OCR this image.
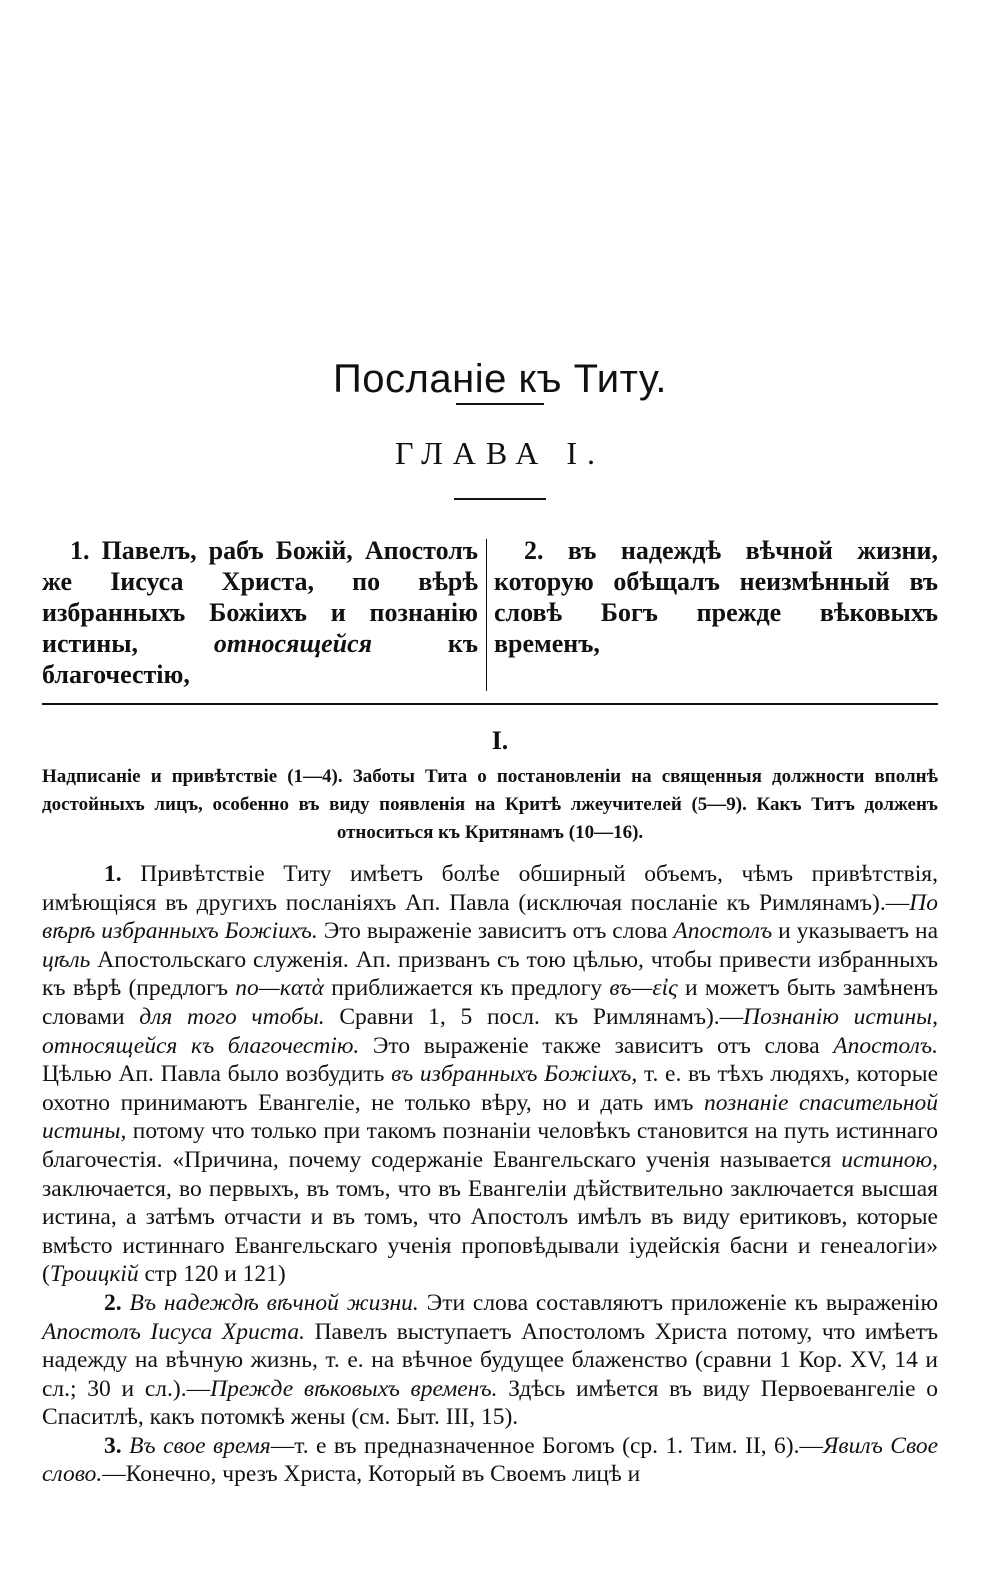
Посланіе къ Титу.
ГЛАВА I.
1. Павелъ, рабъ Божій, Апостолъ же Іисуса Христа, по вѣрѣ избранныхъ Божіихъ и познанію истины, относящейся къ благочестію,
2. въ надеждѣ вѣчной жизни, которую обѣщалъ неизмѣнный въ словѣ Богъ прежде вѣковыхъ временъ,
I.
Надписаніе и привѣтствіе (1—4). Заботы Тита о постановленіи на священныя должности вполнѣ достойныхъ лицъ, особенно въ виду появленія на Критѣ лжеучителей (5—9). Какъ Титъ долженъ относиться къ Критянамъ (10—16).

1. Привѣтствіе Титу имѣетъ болѣе обширный объемъ, чѣмъ привѣтствія, имѣющіяся въ другихъ посланіяхъ Ап. Павла (исключая посланіе къ Римлянамъ).—По вѣрѣ избранныхъ Божіихъ. Это выраженіе зависитъ отъ слова Апостолъ и указываетъ на цѣль Апостольскаго служенія. Ап. призванъ съ тою цѣлью, чтобы привести избранныхъ къ вѣрѣ (предлогъ по—κατὰ приближается къ предлогу въ—εἰς и можетъ быть замѣненъ словами для того чтобы. Сравни 1, 5 посл. къ Римлянамъ).—Познанію истины, относящейся къ благочестію. Это выраженіе также зависитъ отъ слова Апостолъ. Цѣлью Ап. Павла было возбудить въ избранныхъ Божіихъ, т. е. въ тѣхъ людяхъ, которые охотно принимаютъ Евангеліе, не только вѣру, но и дать имъ познаніе спасительной истины, потому что только при такомъ познаніи человѣкъ становится на путь истиннаго благочестія. «Причина, почему содержаніе Евангельскаго ученія называется истиною, заключается, во первыхъ, въ томъ, что въ Евангеліи дѣйствительно заключается высшая истина, а затѣмъ отчасти и въ томъ, что Апостолъ имѣлъ въ виду еритиковъ, которые вмѣсто истиннаго Евангельскаго ученія проповѣдывали іудейскія басни и генеалогіи» (Троицкій стр 120 и 121)

2. Въ надеждѣ вѣчной жизни. Эти слова составляютъ приложеніе къ выраженію Апостолъ Іисуса Христа. Павелъ выступаетъ Апостоломъ Христа потому, что имѣетъ надежду на вѣчную жизнь, т. е. на вѣчное будущее блаженство (сравни 1 Кор. XV, 14 и сл.; 30 и сл.).—Прежде вѣковыхъ временъ. Здѣсь имѣется въ виду Первоевангеліе о Спаситлѣ, какъ потомкѣ жены (см. Быт. III, 15).

3. Въ свое время—т. е въ предназначенное Богомъ (ср. 1. Тим. II, 6).—Явилъ Свое слово.—Конечно, чрезъ Христа, Который въ Своемъ лицѣ и
